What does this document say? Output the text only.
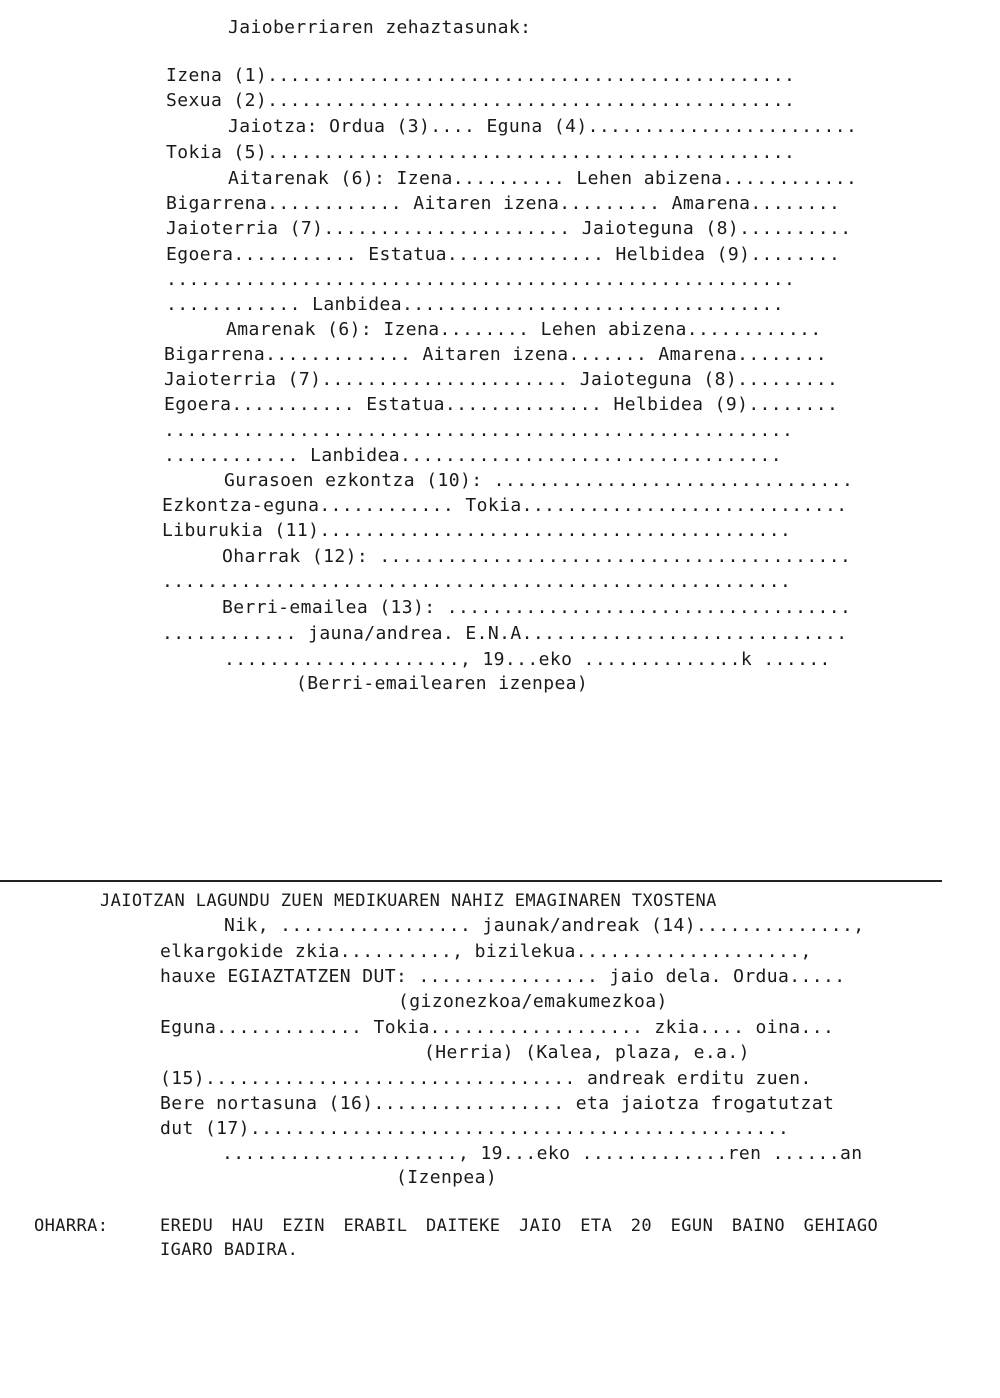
Jaioberriaren zehaztasunak:
Izena (1)...............................................
Sexua (2)...............................................
Jaiotza: Ordua (3).... Eguna (4)........................
Tokia (5)...............................................
Aitarenak (6): Izena.......... Lehen abizena............
Bigarrena............ Aitaren izena......... Amarena........
Jaioterria (7)...................... Jaioteguna (8)..........
Egoera........... Estatua.............. Helbidea (9)........
........................................................
............ Lanbidea..................................
Amarenak (6): Izena........ Lehen abizena............
Bigarrena............. Aitaren izena....... Amarena........
Jaioterria (7)...................... Jaioteguna (8).........
Egoera........... Estatua.............. Helbidea (9)........
........................................................
............ Lanbidea..................................
Gurasoen ezkontza (10): ................................
Ezkontza-eguna............ Tokia.............................
Liburukia (11)..........................................
Oharrak (12): ..........................................
........................................................
Berri-emailea (13): ....................................
............ jauna/andrea. E.N.A.............................
....................., 19...eko ..............k ......
(Berri-emailearen izenpea)
JAIOTZAN LAGUNDU ZUEN MEDIKUAREN NAHIZ EMAGINAREN TXOSTENA
Nik, ................. jaunak/andreak (14)..............,
elkargokide zkia.........., bizilekua....................,
hauxe EGIAZTATZEN DUT: ................ jaio dela. Ordua.....
(gizonezkoa/emakumezkoa)
Eguna............. Tokia................... zkia.... oina...
(Herria) (Kalea, plaza, e.a.)
(15)................................. andreak erditu zuen.
Bere nortasuna (16)................. eta jaiotza frogatutzat
dut (17)................................................
....................., 19...eko .............ren ......an
(Izenpea)
OHARRA:	EREDU HAU EZIN ERABIL DAITEKE JAIO ETA 20 EGUN BAINO GEHIAGO
IGARO BADIRA.
